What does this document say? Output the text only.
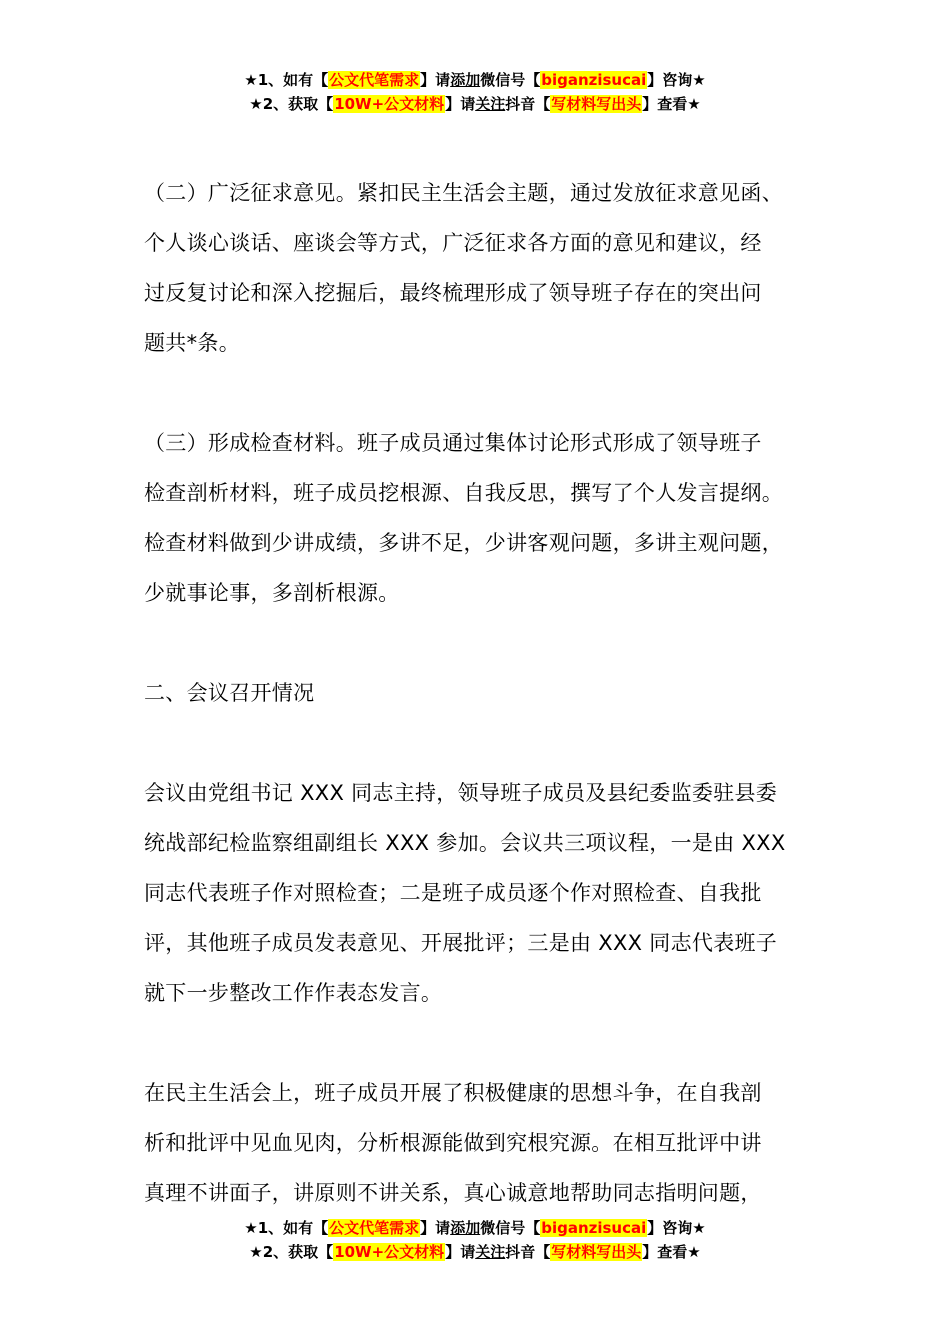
★1、如有【公文代笔需求】请添加微信号【biganzisucai】咨询★
★2、获取【10W+公文材料】请关注抖音【写材料写出头】查看★
（二）广泛征求意见。紧扣民主生活会主题，通过发放征求意见函、
个人谈心谈话、座谈会等方式，广泛征求各方面的意见和建议，经
过反复讨论和深入挖掘后，最终梳理形成了领导班子存在的突出问
题共*条。
（三）形成检查材料。班子成员通过集体讨论形式形成了领导班子
检查剖析材料，班子成员挖根源、自我反思，撰写了个人发言提纲。
检查材料做到少讲成绩，多讲不足，少讲客观问题，多讲主观问题，
少就事论事，多剖析根源。
二、会议召开情况
会议由党组书记 XXX 同志主持，领导班子成员及县纪委监委驻县委
统战部纪检监察组副组长 XXX 参加。会议共三项议程，一是由 XXX
同志代表班子作对照检查；二是班子成员逐个作对照检查、自我批
评，其他班子成员发表意见、开展批评；三是由 XXX 同志代表班子
就下一步整改工作作表态发言。
在民主生活会上，班子成员开展了积极健康的思想斗争，在自我剖
析和批评中见血见肉，分析根源能做到究根究源。在相互批评中讲
真理不讲面子，讲原则不讲关系，真心诚意地帮助同志指明问题，
★1、如有【公文代笔需求】请添加微信号【biganzisucai】咨询★
★2、获取【10W+公文材料】请关注抖音【写材料写出头】查看★
